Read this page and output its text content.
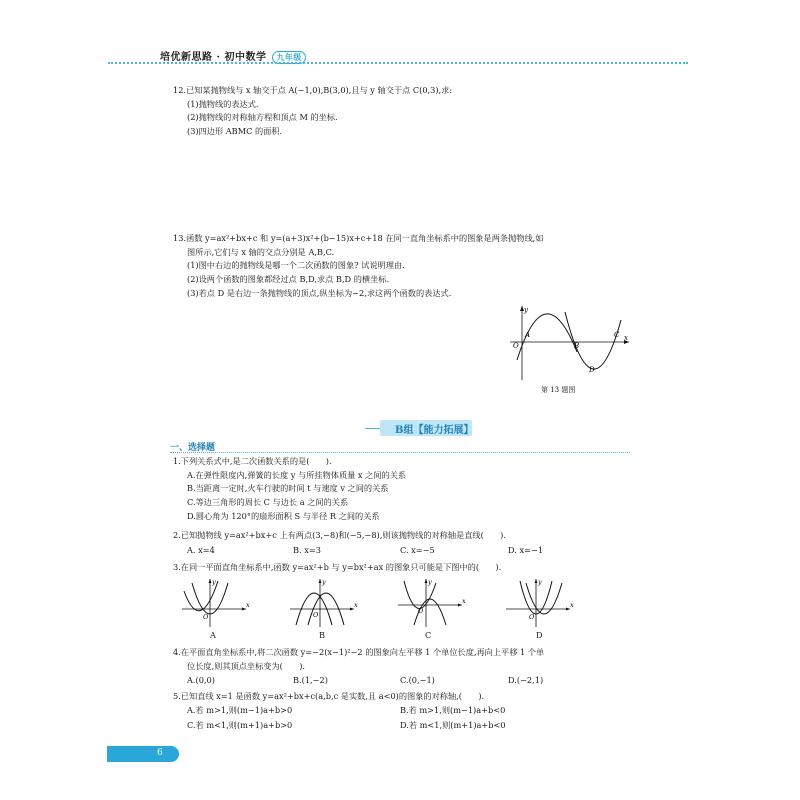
培优新思路 · 初中数学 九年级
12.已知某抛物线与 x 轴交于点 A(−1,0),B(3,0),且与 y 轴交于点 C(0,3),求:
(1)抛物线的表达式.
(2)抛物线的对称轴方程和顶点 M 的坐标.
(3)四边形 ABMC 的面积.
13.函数 y=ax²+bx+c 和 y=(a+3)x²+(b−15)x+c+18 在同一直角坐标系中的图象是两条抛物线,如
图所示,它们与 x 轴的交点分别是 A,B,C.
(1)图中右边的抛物线是哪一个二次函数的图象? 试说明理由.
(2)设两个函数的图象都经过点 B,D,求点 B,D 的横坐标.
(3)若点 D 是右边一条抛物线的顶点,纵坐标为−2,求这两个函数的表达式.
y
x
O
A
B
C
D
第 13 题图
B组【能力拓展】
一、选择题
1.下列关系式中,是二次函数关系的是(　　).
A.在弹性限度内,弹簧的长度 y 与所挂物体质量 x 之间的关系
B.当距离一定时,火车行驶的时间 t 与速度 v 之间的关系
C.等边三角形的周长 C 与边长 a 之间的关系
D.圆心角为 120°的扇形面积 S 与半径 R 之间的关系
2.已知抛物线 y=ax²+bx+c 上有两点(3,−8)和(−5,−8),则该抛物线的对称轴是直线(　　).
A. x=4	B. x=3	C. x=−5	D. x=−1
3.在同一平面直角坐标系中,函数 y=ax²+b 与 y=bx²+ax 的图象只可能是下图中的(　　).
O
x
y
A
O
x
y
B
O
x
y
C
O
x
y
D
4.在平面直角坐标系中,将二次函数 y=−2(x−1)²−2 的图象向左平移 1 个单位长度,再向上平移 1 个单
位长度,则其顶点坐标变为(　　).
A.(0,0)	B.(1,−2)	C.(0,−1)	D.(−2,1)
5.已知直线 x=1 是函数 y=ax²+bx+c(a,b,c 是实数,且 a<0)的图象的对称轴,(　　).
A.若 m>1,则(m−1)a+b>0	B.若 m>1,则(m−1)a+b<0
C.若 m<1,则(m+1)a+b>0	D.若 m<1,则(m+1)a+b<0
6
